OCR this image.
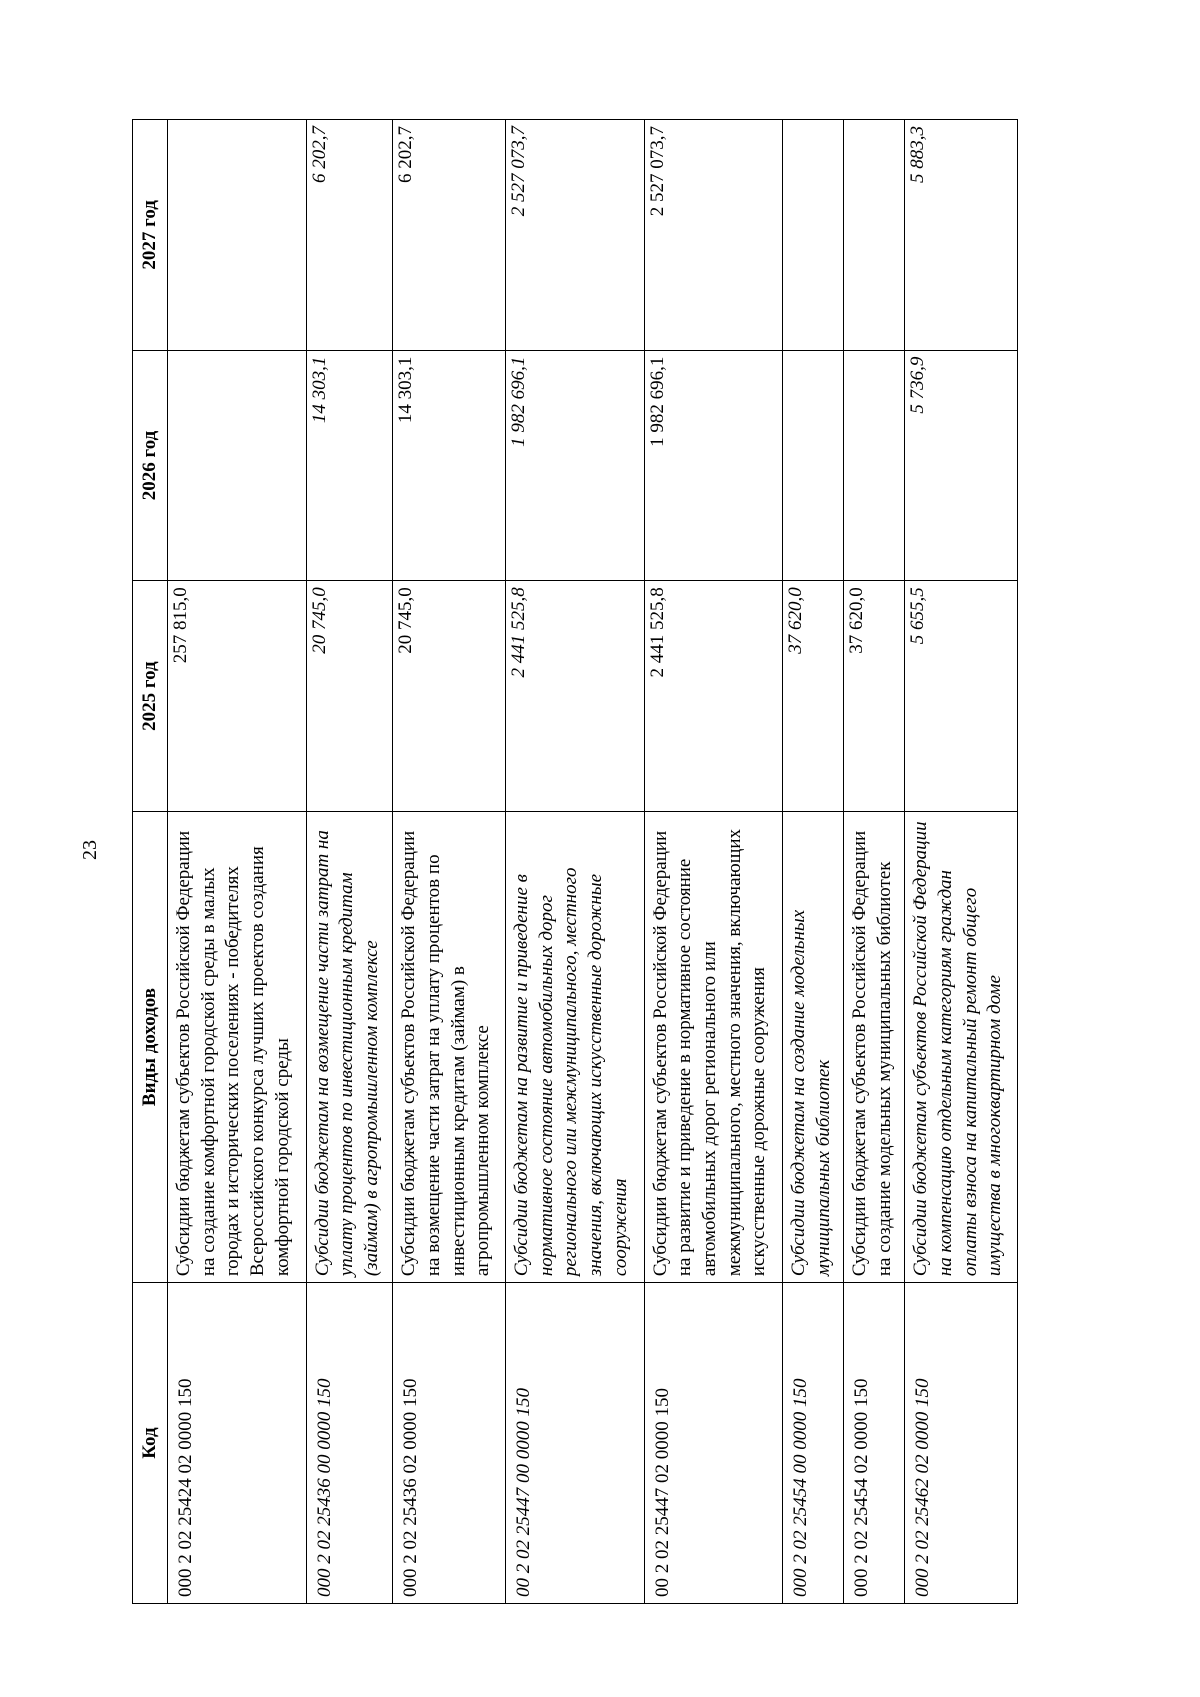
23
Код	Виды доходов	2025 год	2026 год	2027 год
000 2 02 25424 02 0000 150	Субсидии бюджетам субъектов Российской Федерации на создание комфортной городской среды в малых городах и исторических поселениях - победителях Всероссийского конкурса лучших проектов создания комфортной городской среды	257 815,0		
000 2 02 25436 00 0000 150	Субсидии бюджетам на возмещение части затрат на уплату процентов по инвестиционным кредитам (займам) в агропромышленном комплексе	20 745,0	14 303,1	6 202,7
000 2 02 25436 02 0000 150	Субсидии бюджетам субъектов Российской Федерации на возмещение части затрат на уплату процентов по инвестиционным кредитам (займам) в агропромышленном комплексе	20 745,0	14 303,1	6 202,7
00 2 02 25447 00 0000 150	Субсидии бюджетам на развитие и приведение в нормативное состояние автомобильных дорог регионального или межмуниципального, местного значения, включающих искусственные дорожные сооружения	2 441 525,8	1 982 696,1	2 527 073,7
00 2 02 25447 02 0000 150	Субсидии бюджетам субъектов Российской Федерации на развитие и приведение в нормативное состояние автомобильных дорог регионального или межмуниципального, местного значения, включающих искусственные дорожные сооружения	2 441 525,8	1 982 696,1	2 527 073,7
000 2 02 25454 00 0000 150	Субсидии бюджетам на создание модельных муниципальных библиотек	37 620,0		
000 2 02 25454 02 0000 150	Субсидии бюджетам субъектов Российской Федерации на создание модельных муниципальных библиотек	37 620,0		
000 2 02 25462 02 0000 150	Субсидии бюджетам субъектов Российской Федерации на компенсацию отдельным категориям граждан оплаты взноса на капитальный ремонт общего имущества в многоквартирном доме	5 655,5	5 736,9	5 883,3
